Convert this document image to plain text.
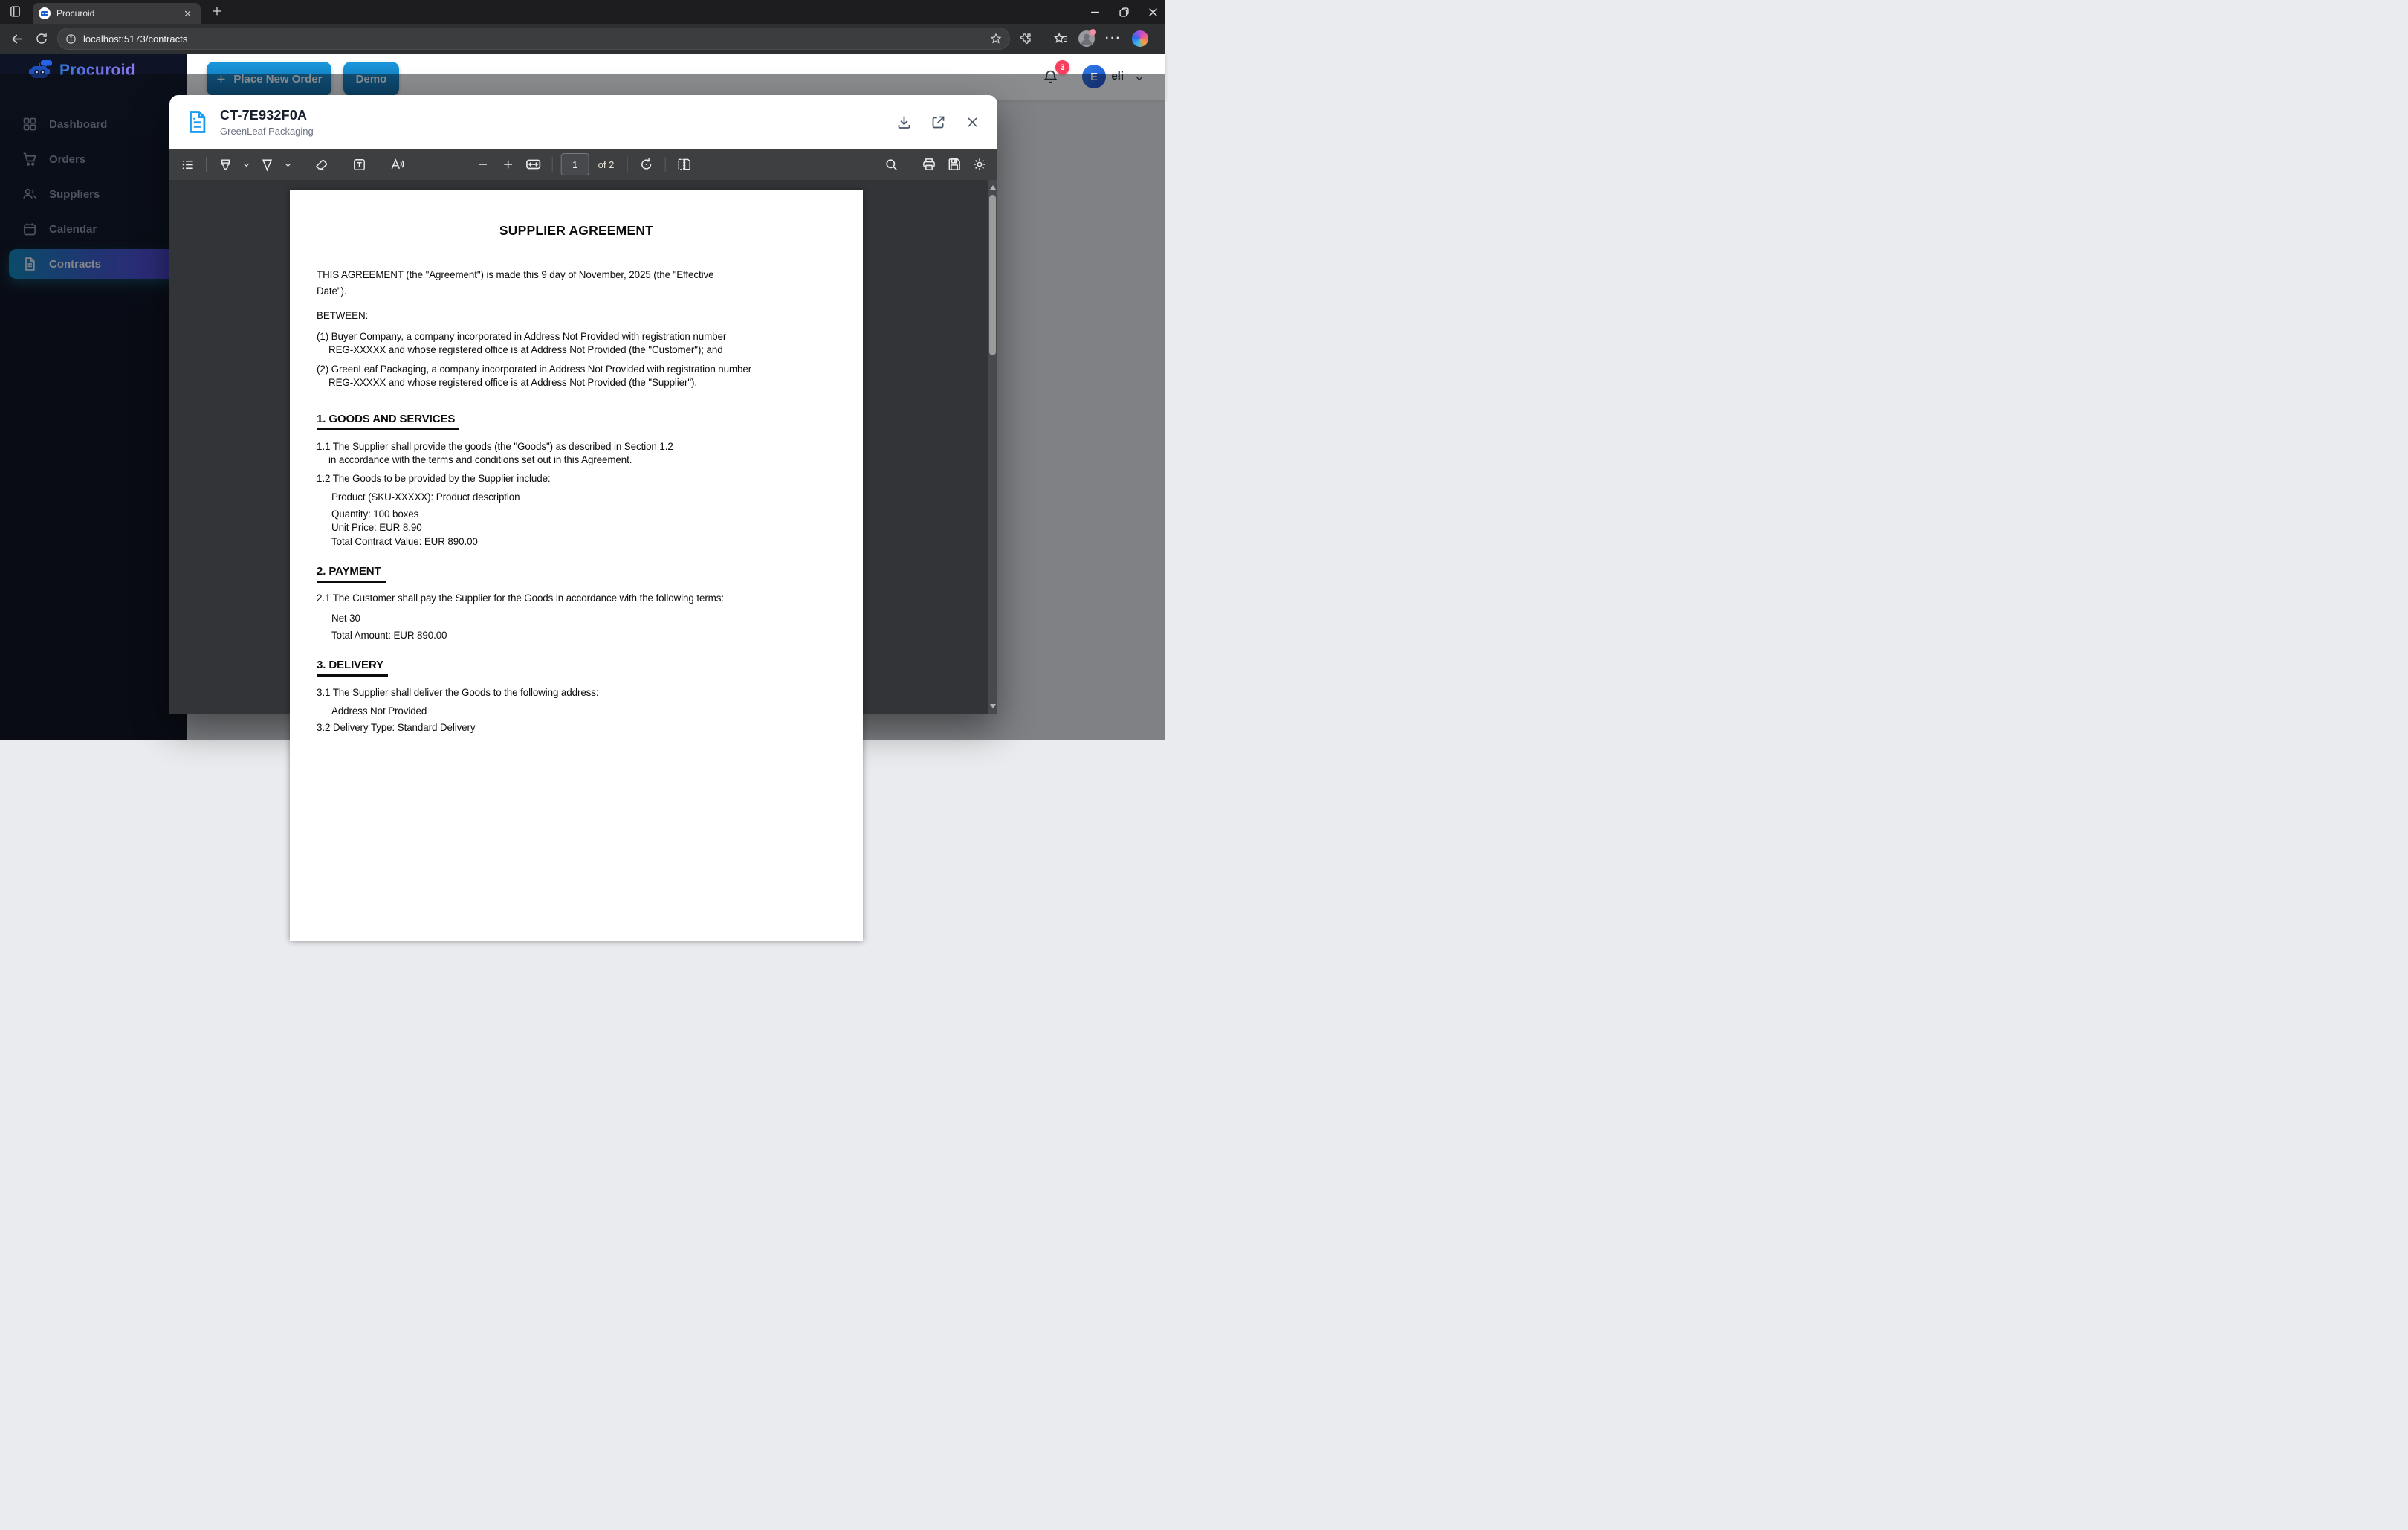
Procuroid	✕
localhost:5173/contracts	···
Procuroid
Dashboard
Orders
Suppliers
Calendar
Contracts
Place New Order	Demo
3
E	eli
CT-7E932F0A
GreenLeaf Packaging
1
of 2
SUPPLIER AGREEMENT

THIS AGREEMENT (the "Agreement") is made this 9 day of November, 2025 (the "Effective

Date").

BETWEEN:

(1) Buyer Company, a company incorporated in Address Not Provided with registration number

REG-XXXXX and whose registered office is at Address Not Provided (the "Customer"); and

(2) GreenLeaf Packaging, a company incorporated in Address Not Provided with registration number

REG-XXXXX and whose registered office is at Address Not Provided (the "Supplier").

1. GOODS AND SERVICES

1.1 The Supplier shall provide the goods (the "Goods") as described in Section 1.2

in accordance with the terms and conditions set out in this Agreement.

1.2 The Goods to be provided by the Supplier include:

Product (SKU-XXXXX): Product description

Quantity: 100 boxes

Unit Price: EUR 8.90

Total Contract Value: EUR 890.00

2. PAYMENT

2.1 The Customer shall pay the Supplier for the Goods in accordance with the following terms:

Net 30

Total Amount: EUR 890.00

3. DELIVERY

3.1 The Supplier shall deliver the Goods to the following address:

Address Not Provided

3.2 Delivery Type: Standard Delivery
